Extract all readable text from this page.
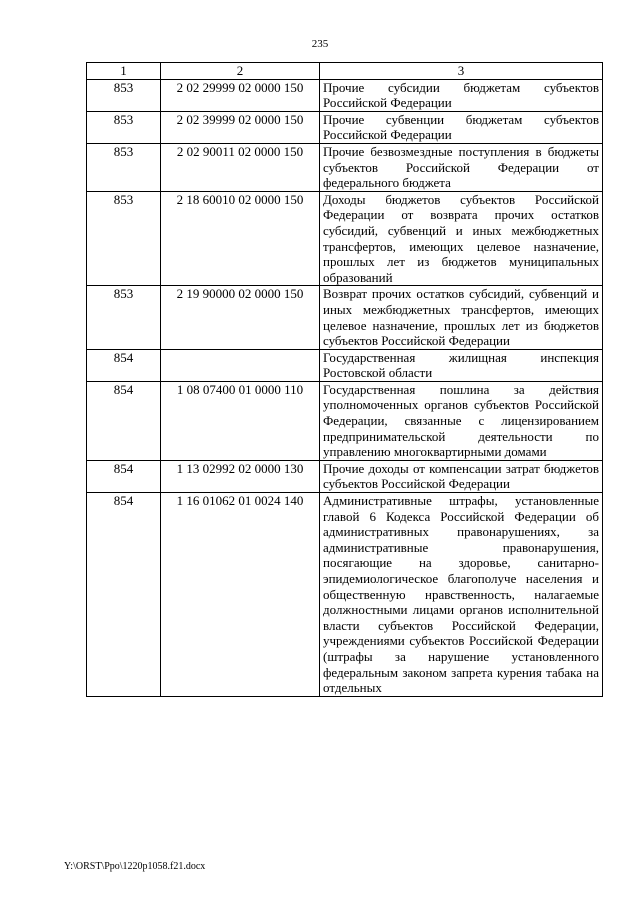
235
1	2	3
853	2 02 29999 02 0000 150	Прочие субсидии бюджетам субъектов Российской Федерации
853	2 02 39999 02 0000 150	Прочие субвенции бюджетам субъектов Российской Федерации
853	2 02 90011 02 0000 150	Прочие безвозмездные поступления в бюджеты субъектов Российской Федерации от федерального бюджета
853	2 18 60010 02 0000 150	Доходы бюджетов субъектов Российской Федерации от возврата прочих остатков субсидий, субвенций и иных межбюджетных трансфертов, имеющих целевое назначение, прошлых лет из бюджетов муниципальных образований
853	2 19 90000 02 0000 150	Возврат прочих остатков субсидий, субвенций и иных межбюджетных трансфертов, имеющих целевое назначение, прошлых лет из бюджетов субъектов Российской Федерации
854		Государственная жилищная инспекция Ростовской области
854	1 08 07400 01 0000 110	Государственная пошлина за действия уполномоченных органов субъектов Российской Федерации, связанные с лицензированием предпринимательской деятельности по управлению многоквартирными домами
854	1 13 02992 02 0000 130	Прочие доходы от компенсации затрат бюджетов субъектов Российской Федерации
854	1 16 01062 01 0024 140	Административные штрафы, установленные главой 6 Кодекса Российской Федерации об административных правонарушениях, за административные правонарушения, посягающие на здоровье, санитарно-эпидемиологическое благополуче населения и общественную нравственность, налагаемые должностными лицами органов исполнительной власти субъектов Российской Федерации, учреждениями субъектов Российской Федерации (штрафы за нарушение установленного федеральным законом запрета курения табака на отдельных
Y:\ORST\Ppo\1220p1058.f21.docx
